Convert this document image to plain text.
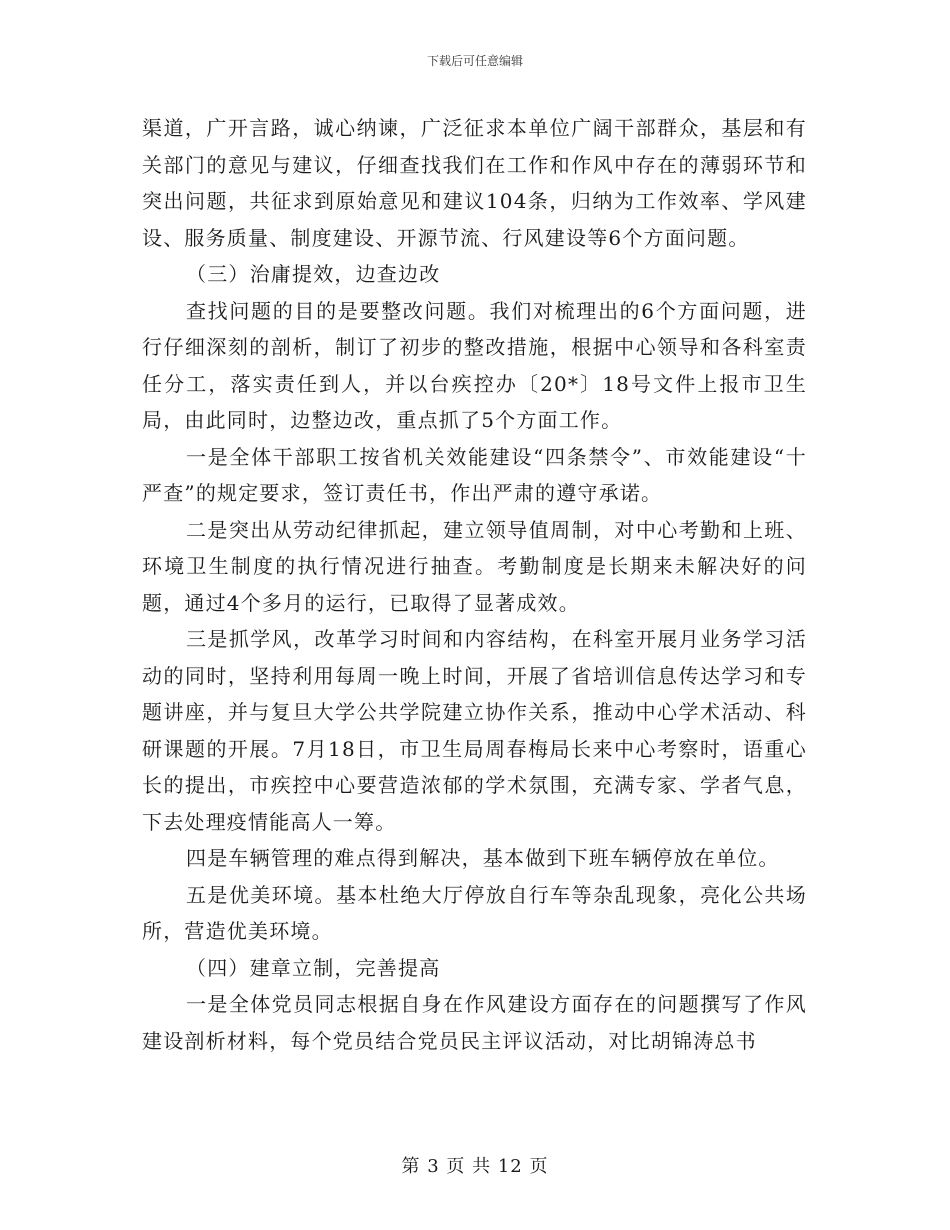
下载后可任意编辑

渠道，广开言路，诚心纳谏，广泛征求本单位广阔干部群众，基层和有关部门的意见与建议，仔细查找我们在工作和作风中存在的薄弱环节和突出问题，共征求到原始意见和建议104条，归纳为工作效率、学风建设、服务质量、制度建设、开源节流、行风建设等6个方面问题。

（三）治庸提效，边查边改

查找问题的目的是要整改问题。我们对梳理出的6个方面问题，进行仔细深刻的剖析，制订了初步的整改措施，根据中心领导和各科室责任分工，落实责任到人，并以台疾控办〔20*〕18号文件上报市卫生局，由此同时，边整边改，重点抓了5个方面工作。

一是全体干部职工按省机关效能建设“四条禁令”、市效能建设“十严查”的规定要求，签订责任书，作出严肃的遵守承诺。

二是突出从劳动纪律抓起，建立领导值周制，对中心考勤和上班、环境卫生制度的执行情况进行抽查。考勤制度是长期来未解决好的问题，通过4个多月的运行，已取得了显著成效。

三是抓学风，改革学习时间和内容结构，在科室开展月业务学习活动的同时，坚持利用每周一晚上时间，开展了省培训信息传达学习和专题讲座，并与复旦大学公共学院建立协作关系，推动中心学术活动、科研课题的开展。7月18日，市卫生局周春梅局长来中心考察时，语重心长的提出，市疾控中心要营造浓郁的学术氛围，充满专家、学者气息，下去处理疫情能高人一筹。

四是车辆管理的难点得到解决，基本做到下班车辆停放在单位。

五是优美环境。基本杜绝大厅停放自行车等杂乱现象，亮化公共场所，营造优美环境。

（四）建章立制，完善提高

一是全体党员同志根据自身在作风建设方面存在的问题撰写了作风建设剖析材料，每个党员结合党员民主评议活动，对比胡锦涛总书

第 3 页 共 12 页
